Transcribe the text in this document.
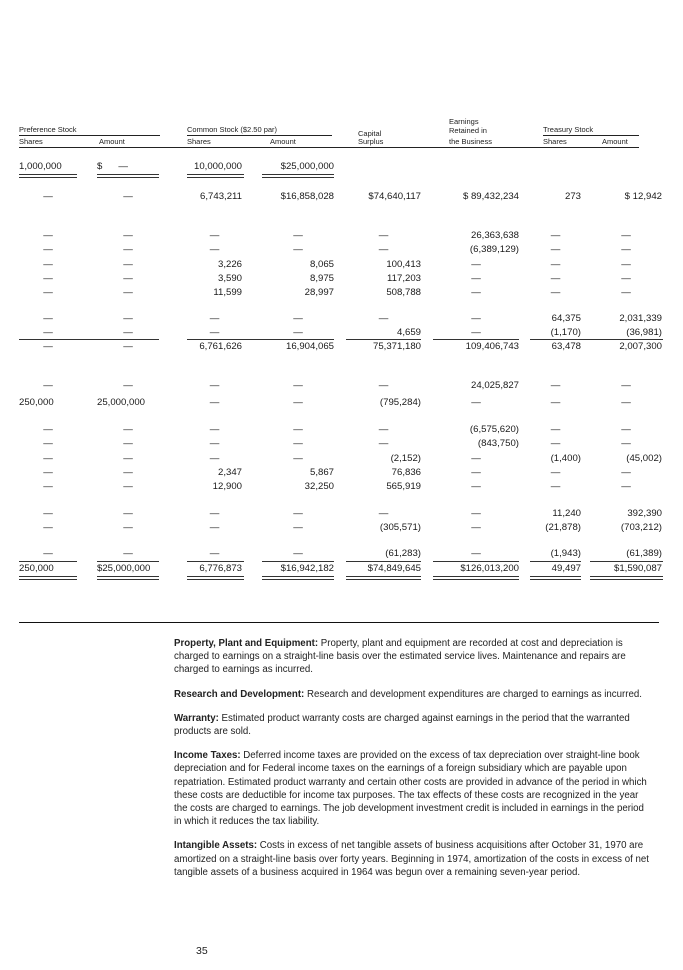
Preference Stock
Shares	Amount
Common Stock ($2.50 par)
Shares	Amount
Capital
Surplus
Earnings
Retained in
the Business
Treasury Stock
Shares	Amount
1,000,000	$      —	10,000,000	$25,000,000
—	—	6,743,211	$16,858,028	$74,640,117	$ 89,432,234	273	$ 12,942
—	—	—	—	—	26,363,638	—	—
—	—	—	—	—	(6,389,129)	—	—
—	—	3,226	8,065	100,413	—	—	—
—	—	3,590	8,975	117,203	—	—	—
—	—	11,599	28,997	508,788	—	—	—
—	—	—	—	—	—	64,375	2,031,339
—	—	—	—	4,659	—	(1,170)	(36,981)
—	—	6,761,626	16,904,065	75,371,180	109,406,743	63,478	2,007,300
—	—	—	—	—	24,025,827	—	—
250,000	25,000,000	—	—	(795,284)	—	—	—
—	—	—	—	—	(6,575,620)	—	—
—	—	—	—	—	(843,750)	—	—
—	—	—	—	(2,152)	—	(1,400)	(45,002)
—	—	2,347	5,867	76,836	—	—	—
—	—	12,900	32,250	565,919	—	—	—
—	—	—	—	—	—	11,240	392,390
—	—	—	—	(305,571)	—	(21,878)	(703,212)
—	—	—	—	(61,283)	—	(1,943)	(61,389)
250,000	$25,000,000	6,776,873	$16,942,182	$74,849,645	$126,013,200	49,497	$1,590,087

Property, Plant and Equipment: Property, plant and equipment are recorded at cost and depreciation is charged to earnings on a straight-line basis over the estimated service lives. Maintenance and repairs are charged to earnings as incurred.

Research and Development: Research and development expenditures are charged to earnings as incurred.

Warranty: Estimated product warranty costs are charged against earnings in the period that the warranted products are sold.

Income Taxes: Deferred income taxes are provided on the excess of tax depreciation over straight-line book depreciation and for Federal income taxes on the earnings of a foreign subsidiary which are payable upon repatriation. Estimated product warranty and certain other costs are provided in advance of the period in which these costs are deductible for income tax purposes. The tax effects of these costs are recognized in the year the costs are charged to earnings. The job development investment credit is included in earnings in the period in which it reduces the tax liability.

Intangible Assets: Costs in excess of net tangible assets of business acquisitions after October 31, 1970 are amortized on a straight-line basis over forty years. Beginning in 1974, amortization of the costs in excess of net tangible assets of a business acquired in 1964 was begun over a remaining seven-year period.

35
